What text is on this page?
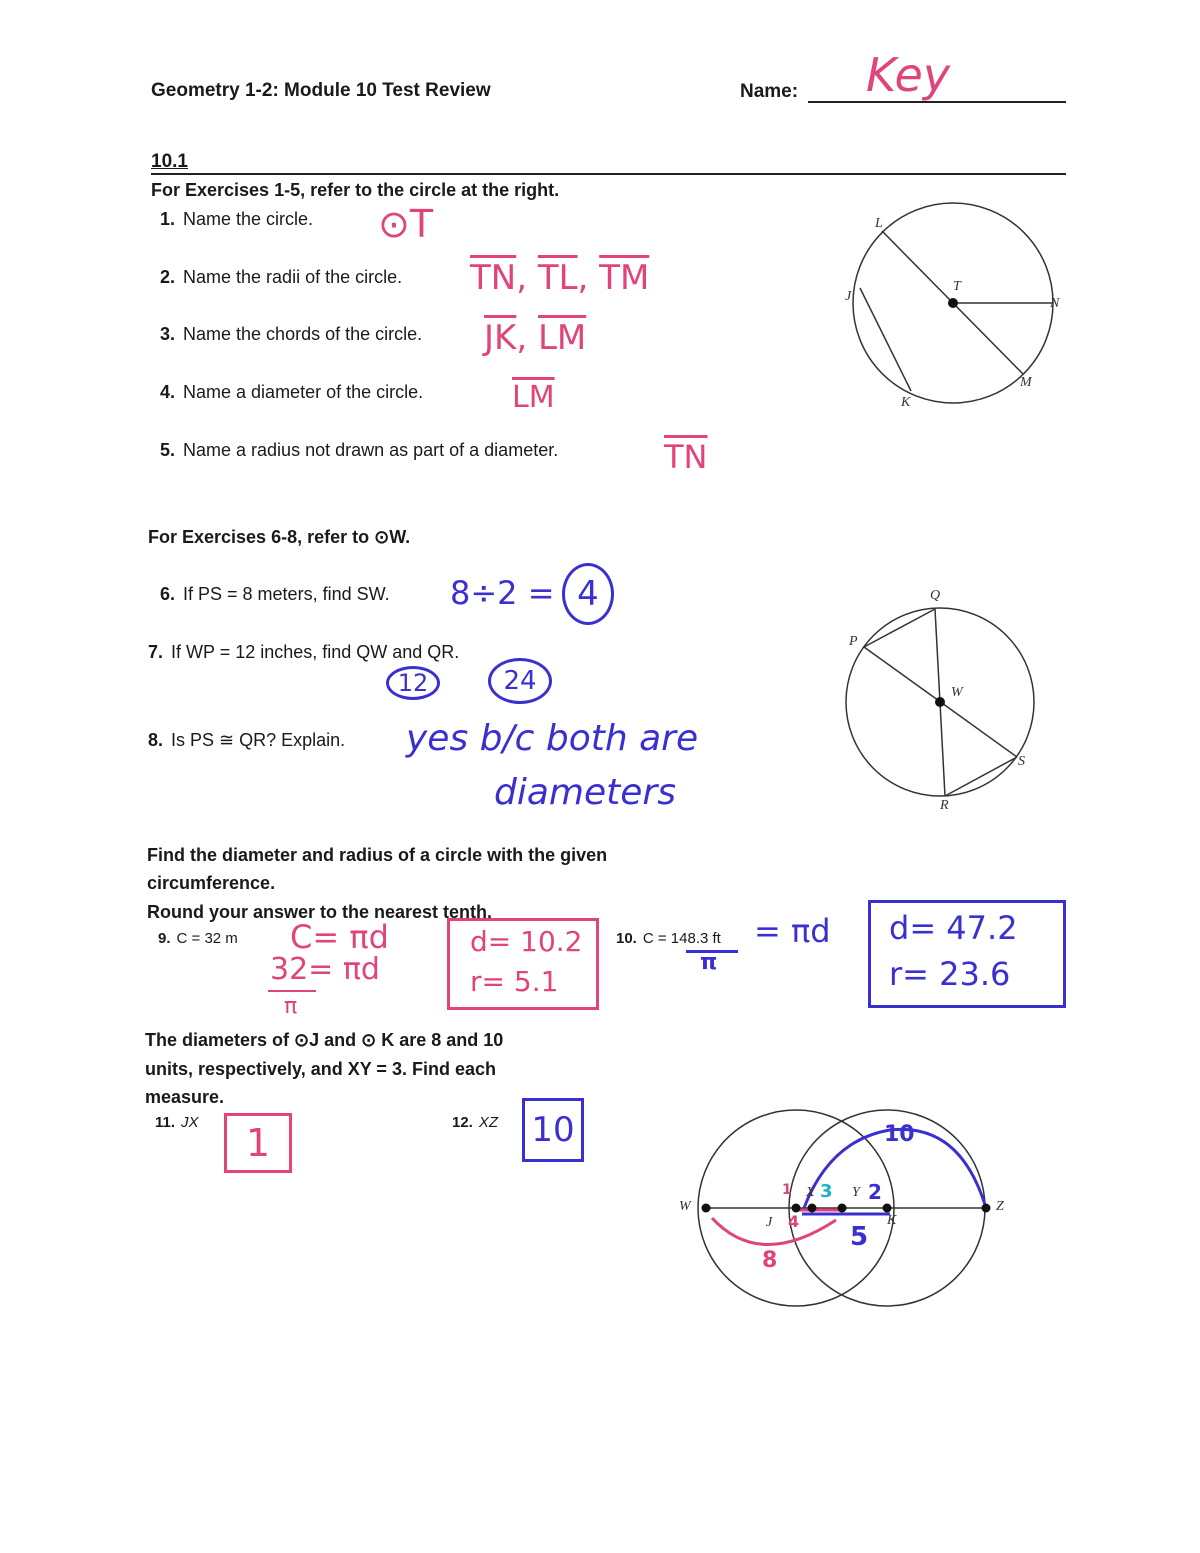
Geometry 1-2: Module 10 Test Review	Name: Key
10.1
For Exercises 1-5, refer to the circle at the right.
1. Name the circle. ⊙T
2. Name the radii of the circle. $\overline{TN}$, $\overline{TL}$, $\overline{TM}$
3. Name the chords of the circle. $\overline{JK}$, $\overline{LM}$
4. Name a diameter of the circle.	$\overline{LM}$
5. Name a radius not drawn as part of a diameter.	$\overline{TN}$
L
T
J	N
K
M
For Exercises 6-8, refer to ⊙W.
6. If PS = 8 meters, find SW. 8÷2 = 4
7. If WP = 12 inches, find QW and QR.
12	24
8. Is PS ≅ QR? Explain. yes b/c both are
diameters
Q
P
W
S
R
Find the diameter and radius of a circle with the given
circumference.
Round your answer to the nearest tenth.
9. C = 32 m C= πd
32= πd
π
d= 10.2
r= 5.1
10. C = 148.3 ft
π
= πd d= 47.2
r= 23.6
The diameters of ⊙J and ⊙ K are 8 and 10
units, respectively, and XY = 3. Find each
measure.
11. JX	1	12. XZ 10
W
J
X	Y
K
Z
10
3 2
1
4
8
5
